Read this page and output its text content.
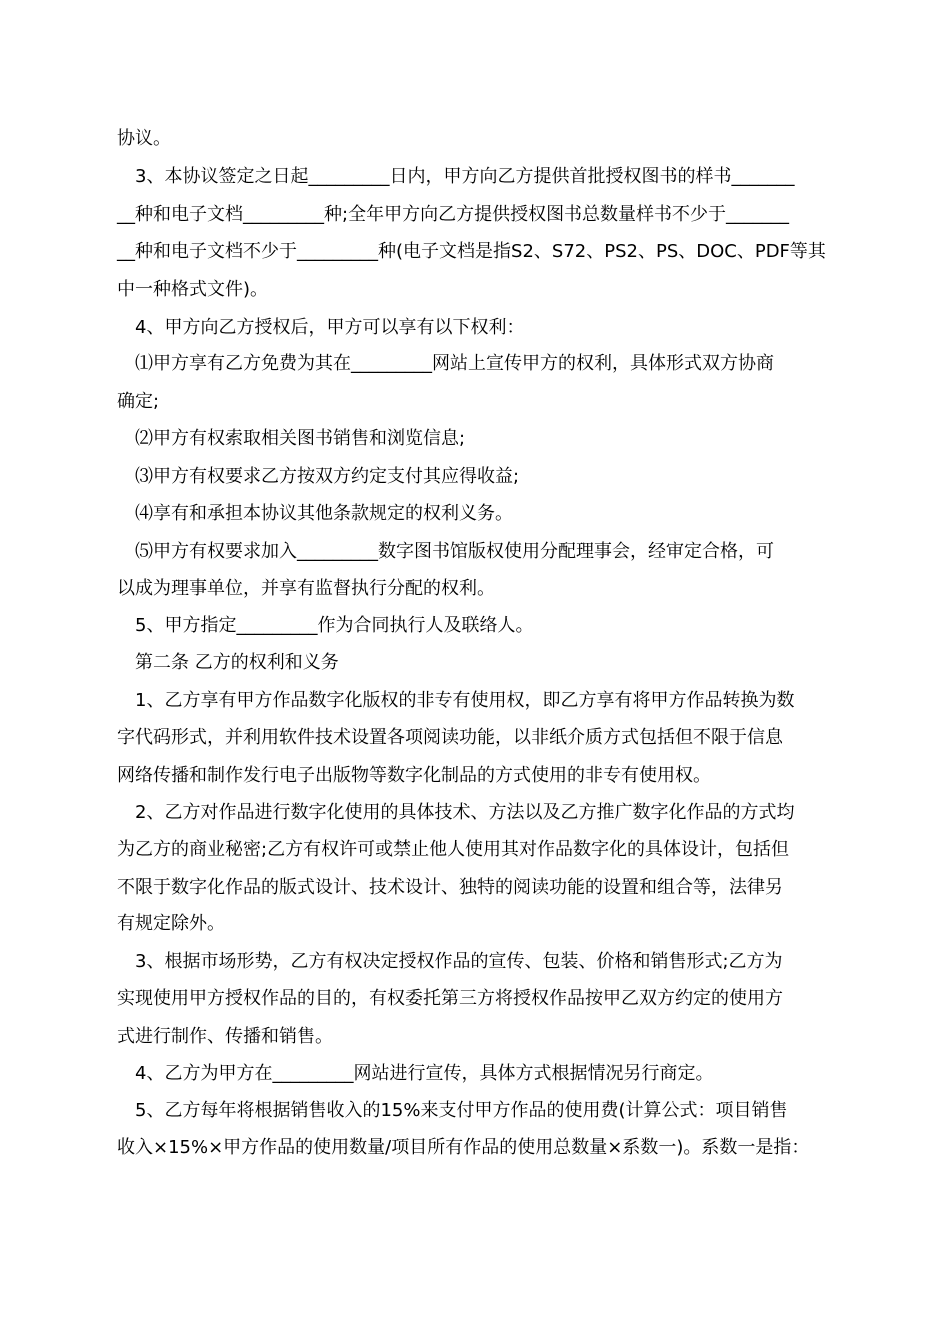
协议。
3、本协议签定之日起_________日内，甲方向乙方提供首批授权图书的样书_______
__种和电子文档_________种;全年甲方向乙方提供授权图书总数量样书不少于_______
__种和电子文档不少于_________种(电子文档是指S2、S72、PS2、PS、DOC、PDF等其
中一种格式文件)。
4、甲方向乙方授权后，甲方可以享有以下权利：
⑴甲方享有乙方免费为其在_________网站上宣传甲方的权利，具体形式双方协商
确定;
⑵甲方有权索取相关图书销售和浏览信息;
⑶甲方有权要求乙方按双方约定支付其应得收益;
⑷享有和承担本协议其他条款规定的权利义务。
⑸甲方有权要求加入_________数字图书馆版权使用分配理事会，经审定合格，可
以成为理事单位，并享有监督执行分配的权利。
5、甲方指定_________作为合同执行人及联络人。
第二条 乙方的权利和义务
1、乙方享有甲方作品数字化版权的非专有使用权，即乙方享有将甲方作品转换为数
字代码形式，并利用软件技术设置各项阅读功能，以非纸介质方式包括但不限于信息
网络传播和制作发行电子出版物等数字化制品的方式使用的非专有使用权。
2、乙方对作品进行数字化使用的具体技术、方法以及乙方推广数字化作品的方式均
为乙方的商业秘密;乙方有权许可或禁止他人使用其对作品数字化的具体设计，包括但
不限于数字化作品的版式设计、技术设计、独特的阅读功能的设置和组合等，法律另
有规定除外。
3、根据市场形势，乙方有权决定授权作品的宣传、包装、价格和销售形式;乙方为
实现使用甲方授权作品的目的，有权委托第三方将授权作品按甲乙双方约定的使用方
式进行制作、传播和销售。
4、乙方为甲方在_________网站进行宣传，具体方式根据情况另行商定。
5、乙方每年将根据销售收入的15%来支付甲方作品的使用费(计算公式：项目销售
收入×15%×甲方作品的使用数量/项目所有作品的使用总数量×系数一)。系数一是指：
